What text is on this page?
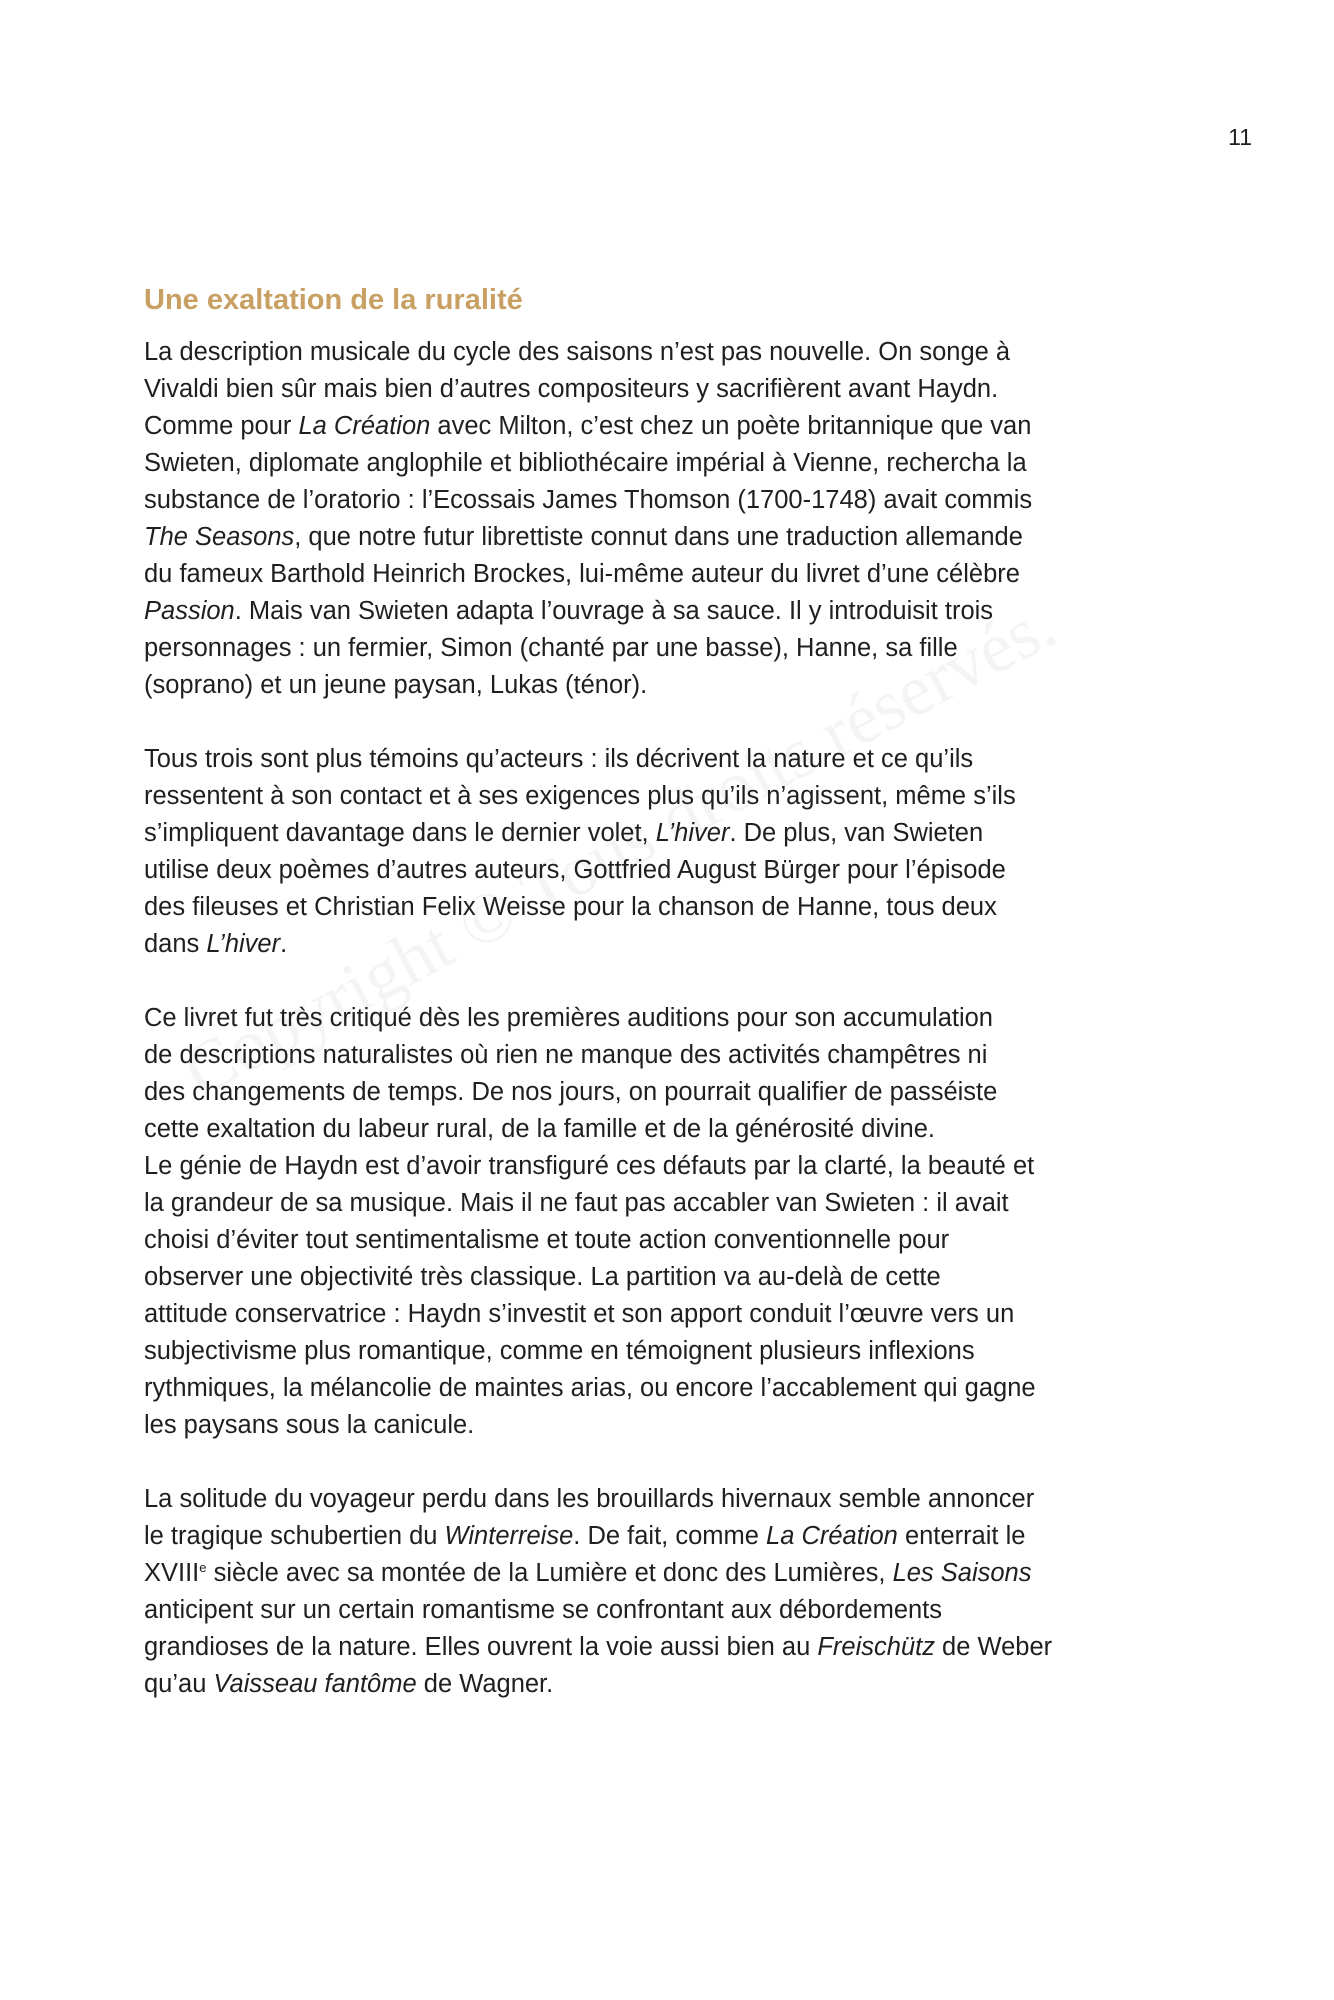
11
Une exaltation de la ruralité

La description musicale du cycle des saisons n’est pas nouvelle. On songe à
Vivaldi bien sûr mais bien d’autres compositeurs y sacrifièrent avant Haydn.
Comme pour La Création avec Milton, c’est chez un poète britannique que van
Swieten, diplomate anglophile et bibliothécaire impérial à Vienne, rechercha la
substance de l’oratorio : l’Ecossais James Thomson (1700-1748) avait commis
The Seasons, que notre futur librettiste connut dans une traduction allemande
du fameux Barthold Heinrich Brockes, lui-même auteur du livret d’une célèbre
Passion. Mais van Swieten adapta l’ouvrage à sa sauce. Il y introduisit trois
personnages : un fermier, Simon (chanté par une basse), Hanne, sa fille
(soprano) et un jeune paysan, Lukas (ténor).

Tous trois sont plus témoins qu’acteurs : ils décrivent la nature et ce qu’ils
ressentent à son contact et à ses exigences plus qu’ils n’agissent, même s’ils
s’impliquent davantage dans le dernier volet, L’hiver. De plus, van Swieten
utilise deux poèmes d’autres auteurs, Gottfried August Bürger pour l’épisode
des fileuses et Christian Felix Weisse pour la chanson de Hanne, tous deux
dans L’hiver.

Ce livret fut très critiqué dès les premières auditions pour son accumulation
de descriptions naturalistes où rien ne manque des activités champêtres ni
des changements de temps. De nos jours, on pourrait qualifier de passéiste
cette exaltation du labeur rural, de la famille et de la générosité divine.
Le génie de Haydn est d’avoir transfiguré ces défauts par la clarté, la beauté et
la grandeur de sa musique. Mais il ne faut pas accabler van Swieten : il avait
choisi d’éviter tout sentimentalisme et toute action conventionnelle pour
observer une objectivité très classique. La partition va au-delà de cette
attitude conservatrice : Haydn s’investit et son apport conduit l’œuvre vers un
subjectivisme plus romantique, comme en témoignent plusieurs inflexions
rythmiques, la mélancolie de maintes arias, ou encore l’accablement qui gagne
les paysans sous la canicule.

La solitude du voyageur perdu dans les brouillards hivernaux semble annoncer
le tragique schubertien du Winterreise. De fait, comme La Création enterrait le
XVIIIe siècle avec sa montée de la Lumière et donc des Lumières, Les Saisons
anticipent sur un certain romantisme se confrontant aux débordements
grandioses de la nature. Elles ouvrent la voie aussi bien au Freischütz de Weber
qu’au Vaisseau fantôme de Wagner.
